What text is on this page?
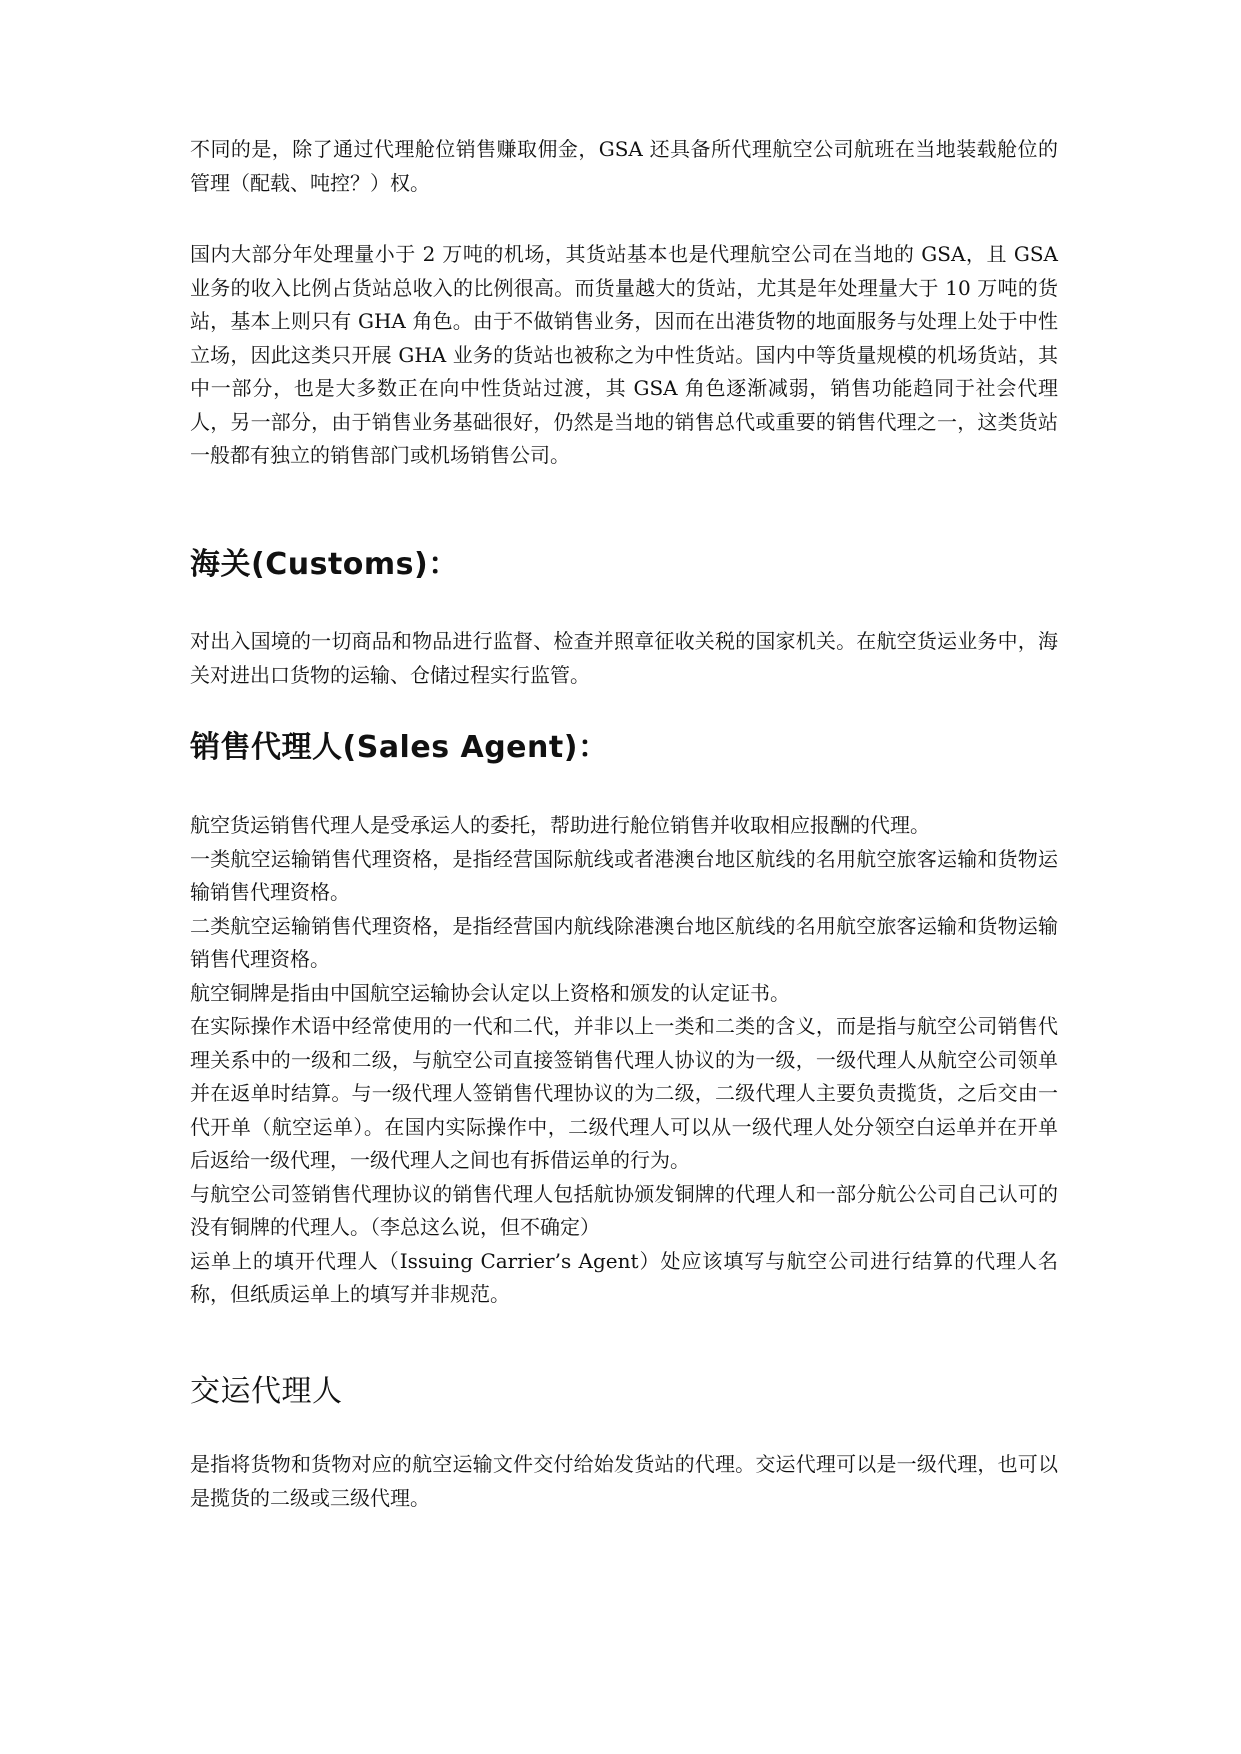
不同的是，除了通过代理舱位销售赚取佣金，GSA 还具备所代理航空公司航班在当地装载舱位的管理（配载、吨控？）权。

国内大部分年处理量小于 2 万吨的机场，其货站基本也是代理航空公司在当地的 GSA，且 GSA 业务的收入比例占货站总收入的比例很高。而货量越大的货站，尤其是年处理量大于 10 万吨的货站，基本上则只有 GHA 角色。由于不做销售业务，因而在出港货物的地面服务与处理上处于中性立场，因此这类只开展 GHA 业务的货站也被称之为中性货站。国内中等货量规模的机场货站，其中一部分，也是大多数正在向中性货站过渡，其 GSA 角色逐渐减弱，销售功能趋同于社会代理人，另一部分，由于销售业务基础很好，仍然是当地的销售总代或重要的销售代理之一，这类货站一般都有独立的销售部门或机场销售公司。

海关(Customs)：

对出入国境的一切商品和物品进行监督、检查并照章征收关税的国家机关。在航空货运业务中，海关对进出口货物的运输、仓储过程实行监管。

销售代理人(Sales Agent)：

航空货运销售代理人是受承运人的委托，帮助进行舱位销售并收取相应报酬的代理。

一类航空运输销售代理资格，是指经营国际航线或者港澳台地区航线的名用航空旅客运输和货物运输销售代理资格。

二类航空运输销售代理资格，是指经营国内航线除港澳台地区航线的名用航空旅客运输和货物运输销售代理资格。

航空铜牌是指由中国航空运输协会认定以上资格和颁发的认定证书。

在实际操作术语中经常使用的一代和二代，并非以上一类和二类的含义，而是指与航空公司销售代理关系中的一级和二级，与航空公司直接签销售代理人协议的为一级，一级代理人从航空公司领单并在返单时结算。与一级代理人签销售代理协议的为二级，二级代理人主要负责揽货，之后交由一代开单（航空运单）。在国内实际操作中，二级代理人可以从一级代理人处分领空白运单并在开单后返给一级代理，一级代理人之间也有拆借运单的行为。

与航空公司签销售代理协议的销售代理人包括航协颁发铜牌的代理人和一部分航公公司自己认可的没有铜牌的代理人。（李总这么说，但不确定）

运单上的填开代理人（Issuing Carrier’s Agent）处应该填写与航空公司进行结算的代理人名称，但纸质运单上的填写并非规范。

交运代理人

是指将货物和货物对应的航空运输文件交付给始发货站的代理。交运代理可以是一级代理，也可以是揽货的二级或三级代理。
